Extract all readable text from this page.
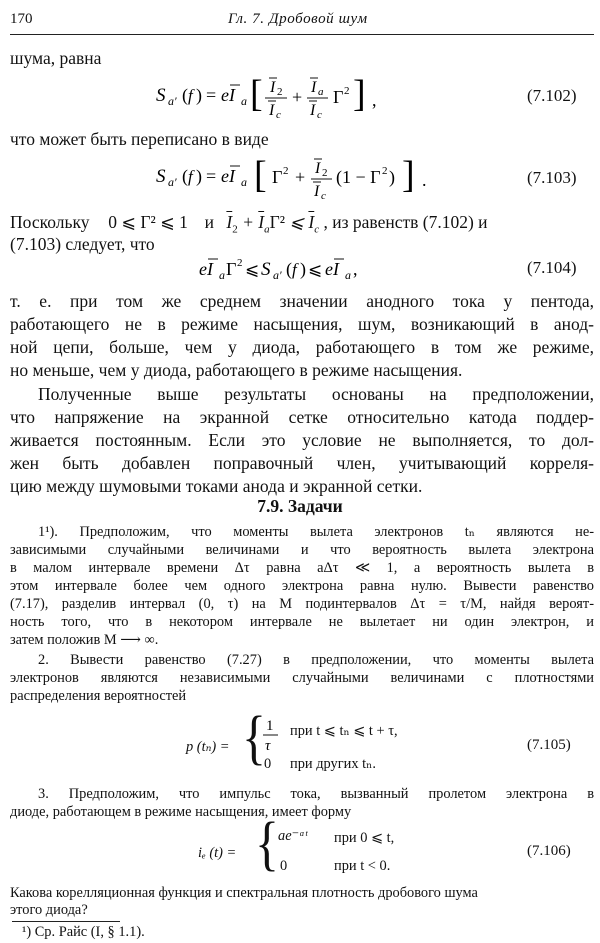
170	Гл. 7. Дробовой шум
шума, равна
S a′ ( f ) = eI a [ I 2
I c
+ I a
I c
Γ 2 ] ,	(7.102)
что может быть переписано в виде
S a′ ( f ) = eI a [ Γ 2 + I 2
I c
(1 − Γ 2 ) ] .	(7.103)
Поскольку 0 ⩽ Γ² ⩽ 1 и $\overline{I}_2 + \overline{I}_a\Gamma^2$ ⩽ $\overline{I}_c$ , из равенств (7.102) и
(7.103) следует, что
eI a Γ 2 ⩽ S a′ ( f ) ⩽ eI a ,	(7.104)
т. е. при том же среднем значении анодного тока у пентода,
работающего не в режиме насыщения, шум, возникающий в анод-
ной цепи, больше, чем у диода, работающего в том же режиме,
но меньше, чем у диода, работающего в режиме насыщения.
Полученные выше результаты основаны на предположении,
что напряжение на экранной сетке относительно катода поддер-
живается постоянным. Если это условие не выполняется, то дол-
жен быть добавлен поправочный член, учитывающий корреля-
цию между шумовыми токами анода и экранной сетки.
7.9. Задачи
1¹). Предположим, что моменты вылета электронов tₙ являются не-
зависимыми случайными величинами и что вероятность вылета электрона
в малом интервале времени Δτ равна aΔτ ≪ 1, а вероятность вылета в
этом интервале более чем одного электрона равна нулю. Вывести равенство
(7.17), разделив интервал (0, τ) на M подинтервалов Δτ = τ/M, найдя вероят-
ность того, что в некотором интервале не вылетает ни один электрон, и
затем положив M ⟶ ∞.
2. Вывести равенство (7.27) в предположении, что моменты вылета
электронов являются независимыми случайными величинами с плотностями
распределения вероятностей
p (tₙ) = { 1
τ
при t ⩽ tₙ ⩽ t + τ,
0 при других tₙ.
(7.105)
3. Предположим, что импульс тока, вызванный пролетом электрона в
диоде, работающем в режиме насыщения, имеет форму
iₑ (t) = { ae⁻ᵅᵗ при 0 ⩽ t,
0	при t < 0.
(7.106)
Какова корелляционная функция и спектральная плотность дробового шума
этого диода?
¹) Ср. Райс (I, § 1.1).
